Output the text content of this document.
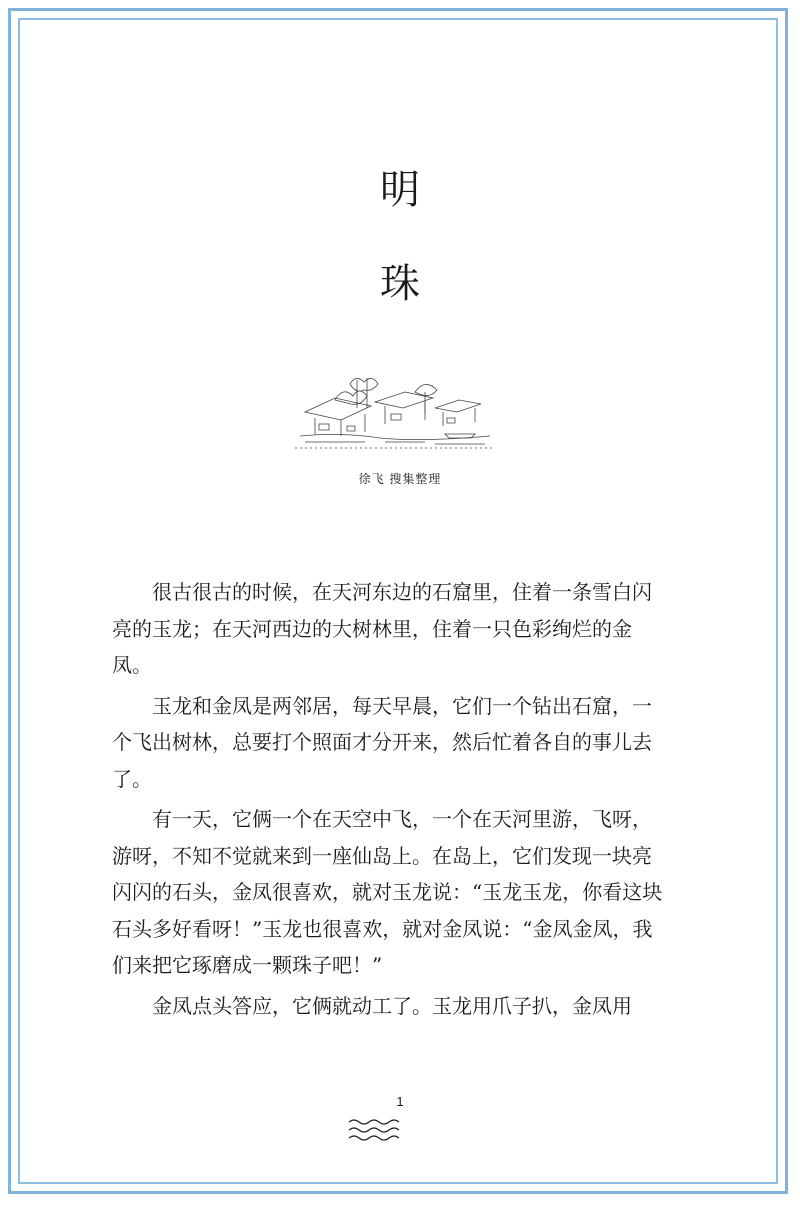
明
珠
徐飞 搜集整理

很古很古的时候，在天河东边的石窟里，住着一条雪白闪亮的玉龙；在天河西边的大树林里，住着一只色彩绚烂的金凤。

玉龙和金凤是两邻居，每天早晨，它们一个钻出石窟，一个飞出树林，总要打个照面才分开来，然后忙着各自的事儿去了。

有一天，它俩一个在天空中飞，一个在天河里游，飞呀，游呀，不知不觉就来到一座仙岛上。在岛上，它们发现一块亮闪闪的石头，金凤很喜欢，就对玉龙说：“玉龙玉龙，你看这块石头多好看呀！”玉龙也很喜欢，就对金凤说：“金凤金凤，我们来把它琢磨成一颗珠子吧！”

金凤点头答应，它俩就动工了。玉龙用爪子扒，金凤用

1
